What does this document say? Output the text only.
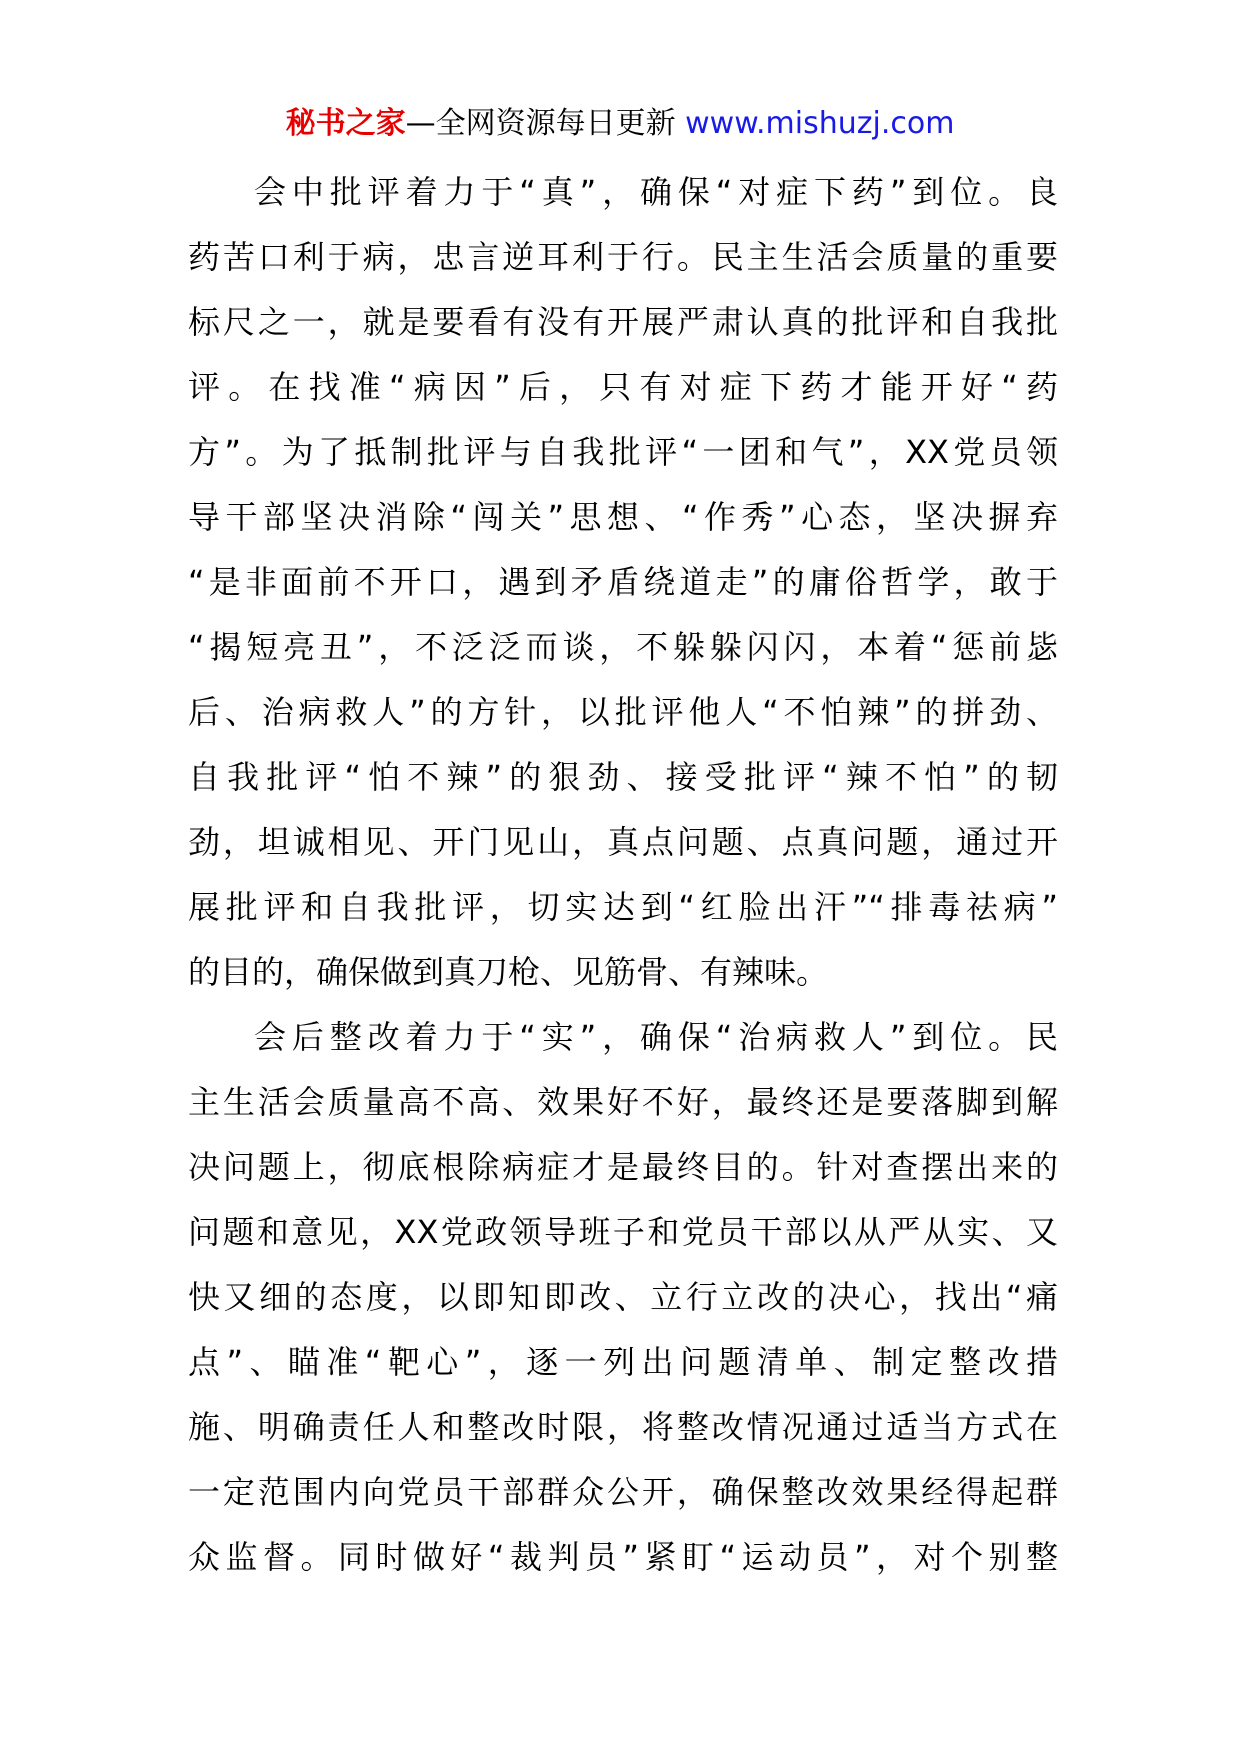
秘书之家—全网资源每日更新 www.mishuzj.com
会中批评着力于“真”，确保“对症下药”到位。良
药苦口利于病，忠言逆耳利于行。民主生活会质量的重要
标尺之一，就是要看有没有开展严肃认真的批评和自我批
评。在找准“病因”后，只有对症下药才能开好“药
方”。为了抵制批评与自我批评“一团和气”，XX党员领
导干部坚决消除“闯关”思想、“作秀”心态，坚决摒弃
“是非面前不开口，遇到矛盾绕道走”的庸俗哲学，敢于
“揭短亮丑”，不泛泛而谈，不躲躲闪闪，本着“惩前毖
后、治病救人”的方针，以批评他人“不怕辣”的拼劲、
自我批评“怕不辣”的狠劲、接受批评“辣不怕”的韧
劲，坦诚相见、开门见山，真点问题、点真问题，通过开
展批评和自我批评，切实达到“红脸出汗”“排毒祛病”
的目的，确保做到真刀枪、见筋骨、有辣味。
会后整改着力于“实”，确保“治病救人”到位。民
主生活会质量高不高、效果好不好，最终还是要落脚到解
决问题上，彻底根除病症才是最终目的。针对查摆出来的
问题和意见，XX党政领导班子和党员干部以从严从实、又
快又细的态度，以即知即改、立行立改的决心，找出“痛
点”、瞄准“靶心”，逐一列出问题清单、制定整改措
施、明确责任人和整改时限，将整改情况通过适当方式在
一定范围内向党员干部群众公开，确保整改效果经得起群
众监督。同时做好“裁判员”紧盯“运动员”，对个别整
